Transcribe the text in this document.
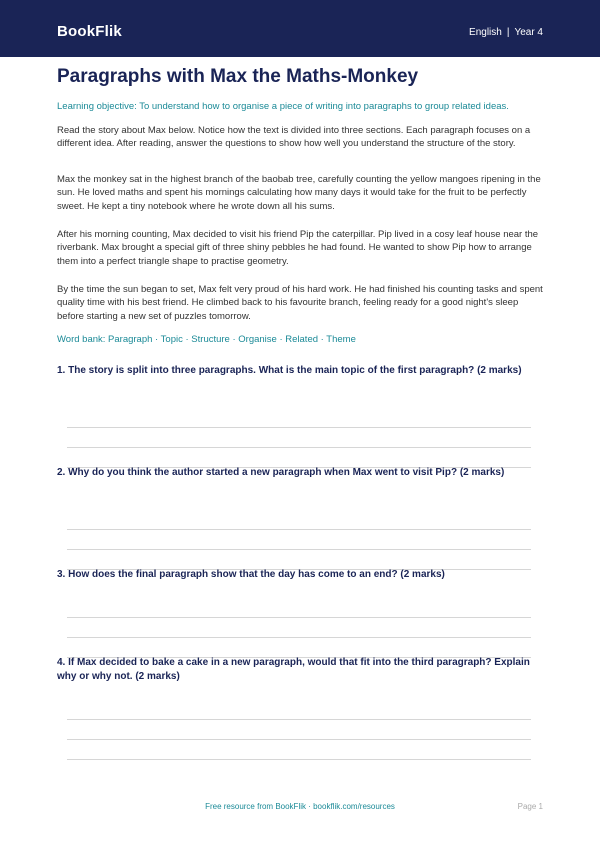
BookFlik	English | Year 4
Paragraphs with Max the Maths-Monkey

Learning objective: To understand how to organise a piece of writing into paragraphs to group related ideas.

Read the story about Max below. Notice how the text is divided into three sections. Each paragraph focuses on a different idea. After reading, answer the questions to show how well you understand the structure of the story.

Max the monkey sat in the highest branch of the baobab tree, carefully counting the yellow mangoes ripening in the sun. He loved maths and spent his mornings calculating how many days it would take for the fruit to be perfectly sweet. He kept a tiny notebook where he wrote down all his sums.

After his morning counting, Max decided to visit his friend Pip the caterpillar. Pip lived in a cosy leaf house near the riverbank. Max brought a special gift of three shiny pebbles he had found. He wanted to show Pip how to arrange them into a perfect triangle shape to practise geometry.

By the time the sun began to set, Max felt very proud of his hard work. He had finished his counting tasks and spent quality time with his best friend. He climbed back to his favourite branch, feeling ready for a good night's sleep before starting a new set of puzzles tomorrow.

Word bank: Paragraph · Topic · Structure · Organise · Related · Theme

1. The story is split into three paragraphs. What is the main topic of the first paragraph? (2 marks)

2. Why do you think the author started a new paragraph when Max went to visit Pip? (2 marks)

3. How does the final paragraph show that the day has come to an end? (2 marks)

4. If Max decided to bake a cake in a new paragraph, would that fit into the third paragraph? Explain why or why not. (2 marks)

Free resource from BookFlik · bookflik.com/resources	Page 1
